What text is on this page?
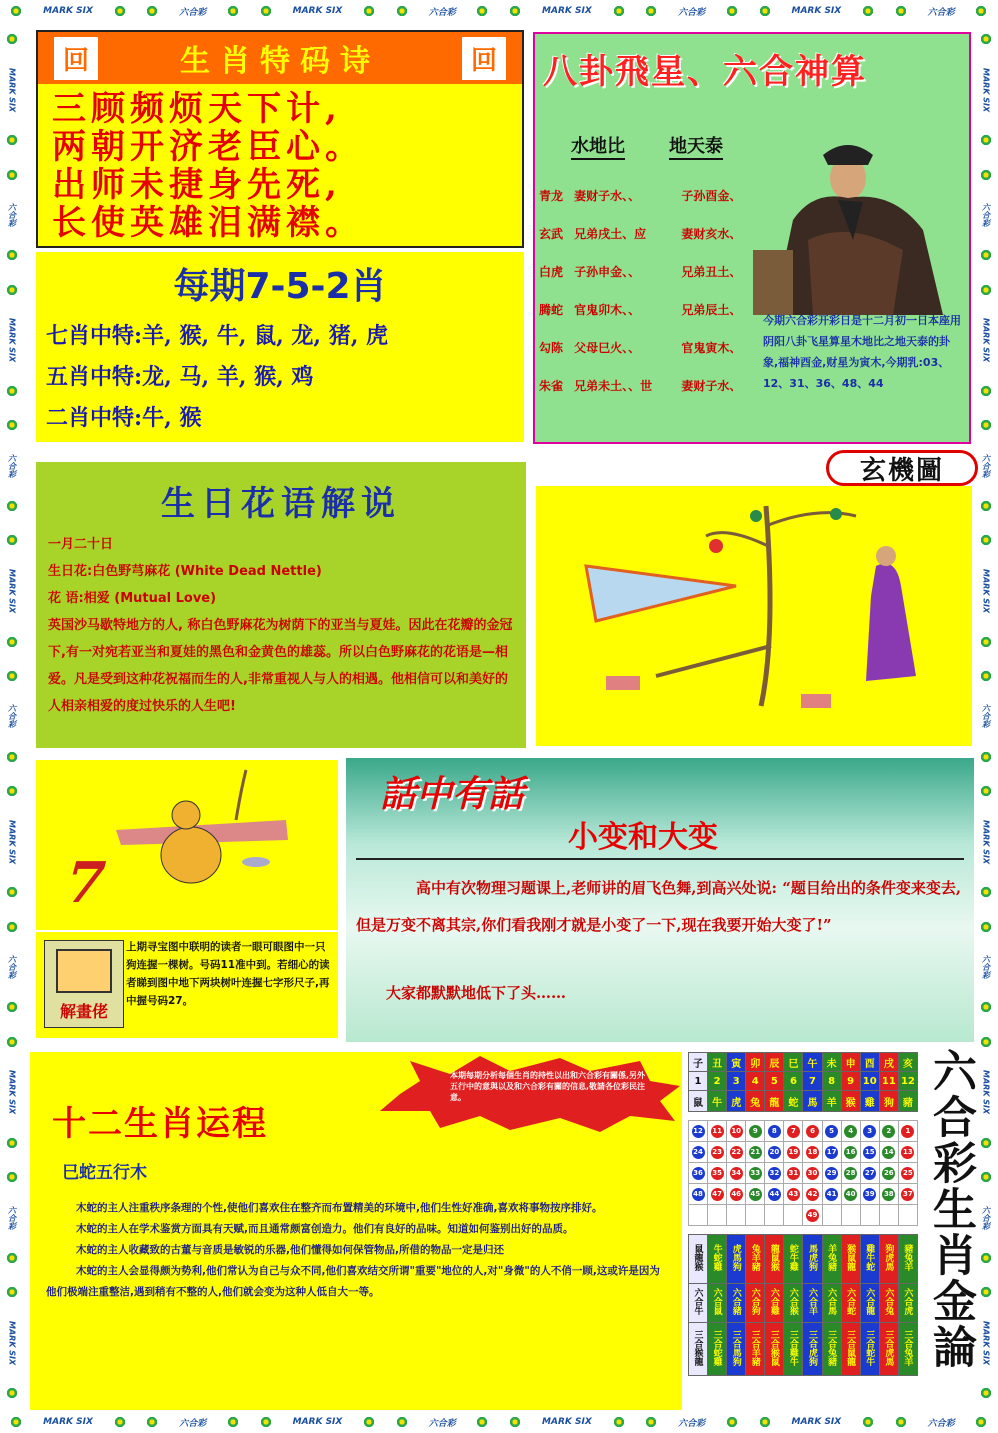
MARK SIX	六合彩	MARK SIX	六合彩	MARK SIX	六合彩	MARK SIX	六合彩
MARK SIX	六合彩	MARK SIX	六合彩	MARK SIX	六合彩	MARK SIX	六合彩
MARK SIX
六合彩
MARK SIX
六合彩
MARK SIX
六合彩
MARK SIX
六合彩
MARK SIX
六合彩
MARK SIX
MARK SIX
六合彩
MARK SIX
六合彩
MARK SIX
六合彩
MARK SIX
六合彩
MARK SIX
六合彩
MARK SIX
回	生肖特码诗	回
三顾频烦天下计,
两朝开济老臣心。
出师未捷身先死,
长使英雄泪满襟。
每期7-5-2肖
七肖中特:羊, 猴, 牛, 鼠, 龙, 猪, 虎
五肖中特:龙, 马, 羊, 猴, 鸡
二肖中特:牛, 猴
八卦飛星、六合神算
水地比 地天泰
青龙 妻财子水、、	子孙酉金、
玄武 兄弟戌土、应	妻财亥水、
白虎 子孙申金、、	兄弟丑土、
腾蛇 官鬼卯木、、	兄弟辰土、
勾陈 父母巳火、、	官鬼寅木、
朱雀 兄弟未土、、世	妻财子水、
今期六合彩开彩日是十二月初一日本座用阴阳八卦飞星算星木地比之地天泰的卦象,福神酉金,财星为寅木,今期乳:03、12、31、36、48、44
玄機圖
生日花语解说
一月二十日
生日花:白色野芎麻花 (White Dead Nettle)
花 语:相爱 (Mutual Love)
英国沙马歇特地方的人, 称白色野麻花为树荫下的亚当与夏娃。因此在花瓣的金冠下,有一对宛若亚当和夏娃的黑色和金黄色的雄蕊。所以白色野麻花的花语是—相爱。凡是受到这种花祝福而生的人,非常重视人与人的相遇。他相信可以和美好的人相亲相爱的度过快乐的人生吧!
7
解畫佬
上期寻宝图中联明的读者一眼可眼图中一只狗连握一棵树。号码11准中到。若细心的读者睇到图中地下两块树叶连握七字形尺子,再中握号码27。
話中有話
小变和大变
高中有次物理习题课上,老师讲的眉飞色舞,到高兴处说: “题目给出的条件变来变去,但是万变不离其宗,你们看我刚才就是小变了一下,现在我要开始大变了!”
大家都默默地低下了头……
本期每期分析每個生肖的持性以出和六合彩有關係,另外五行中的意與以及和六合彩有關的信息,敬請各位彩民注意。
十二生肖运程
巳蛇五行木
木蛇的主人注重秩序条理的个性,使他们喜欢住在整齐而布置精美的环境中,他们生性好准确,喜欢将事物按序排好。
木蛇的主人在学术鉴赏方面具有天赋,而且通常颇富创造力。他们有良好的品味。知道如何鉴别出好的品质。
木蛇的主人收藏致的古董与音质是敏锐的乐器,他们懂得如何保管物品,所借的物品一定是归还
木蛇的主人会显得颇为势利,他们常认为自己与众不同,他们喜欢结交所谓"重要"地位的人,对"身微"的人不俏一顾,这或许是因为他们极端注重整洁,遇到稍有不整的人,他们就会变为这种人低自大一等。
子	丑	寅	卯	辰	巳	午	未	申	酉	戌	亥
1	2	3	4	5	6	7	8	9	10	11	12
鼠	牛	虎	兔	龍	蛇	馬	羊	猴	雞	狗	豬

12	11	10	9	8	7	6	5	4	3	2	1
24	23	22	21	20	19	18	17	16	15	14	13
36	35	34	33	32	31	30	29	28	27	26	25
48	47	46	45	44	43	42	41	40	39	38	37
						49					

鼠龍猴	牛蛇雞	虎馬狗	兔羊豬	龍鼠猴	蛇牛雞	馬虎狗	羊兔豬	猴鼠龍	雞牛蛇	狗虎馬	豬兔羊
六合牛	六合鼠	六合豬	六合狗	六合雞	六合猴	六合羊	六合馬	六合蛇	六合龍	六合兔	六合虎
三合猴龍	三合蛇雞	三合馬狗	三合羊豬	三合猴鼠	三合雞牛	三合虎狗	三合兔豬	三合鼠龍	三合蛇牛	三合虎馬	三合兔羊 六合彩生肖金論
